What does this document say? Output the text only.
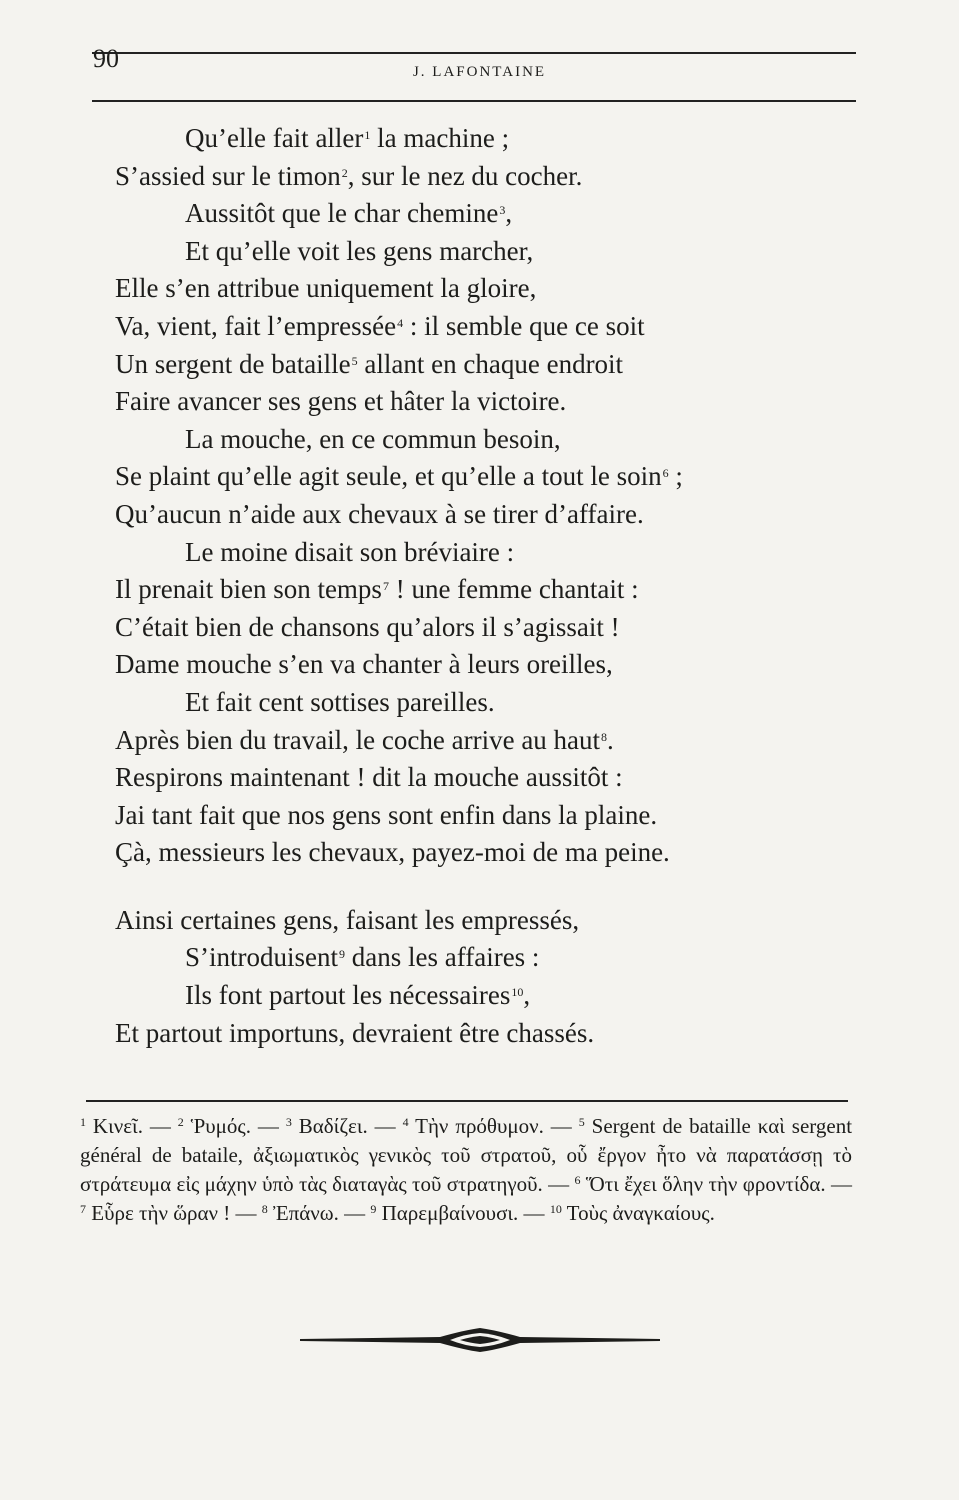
90	J. LAFONTAINE
Qu’elle fait aller$^1$ la machine ;
S’assied sur le timon$^2$, sur le nez du cocher.
Aussitôt que le char chemine$^3$,
Et qu’elle voit les gens marcher,
Elle s’en attribue uniquement la gloire,
Va, vient, fait l’empressée$^4$ : il semble que ce soit
Un sergent de bataille$^5$ allant en chaque endroit
Faire avancer ses gens et hâter la victoire.
La mouche, en ce commun besoin,
Se plaint qu’elle agit seule, et qu’elle a tout le soin$^6$ ;
Qu’aucun n’aide aux chevaux à se tirer d’affaire.
Le moine disait son bréviaire :
Il prenait bien son temps$^7$ ! une femme chantait :
C’était bien de chansons qu’alors il s’agissait !
Dame mouche s’en va chanter à leurs oreilles,
Et fait cent sottises pareilles.
Après bien du travail, le coche arrive au haut$^8$.
Respirons maintenant ! dit la mouche aussitôt :
Jai tant fait que nos gens sont enfin dans la plaine.
Çà, messieurs les chevaux, payez-moi de ma peine.
Ainsi certaines gens, faisant les empressés,
S’introduisent$^9$ dans les affaires :
Ils font partout les nécessaires$^{10}$,
Et partout importuns, devraient être chassés.
$^1$ Κινεῖ. — $^2$ Ῥυμός. — $^3$ Βαδίζει. — $^4$ Τὴν πρόθυμον. — $^5$ Sergent de bataille καὶ sergent général de bataile, ἀξιωματικὸς γενικὸς τοῦ στρατοῦ, οὗ ἔργον ἦτο νὰ παρατάσσῃ τὸ στράτευμα εἰς μάχην ὑπὸ τὰς διαταγὰς τοῦ στρατηγοῦ. — $^6$ Ὅτι ἔχει ὅλην τὴν φροντίδα. — $^7$ Εὗρε τὴν ὥραν ! — $^8$ Ἐπάνω. — $^9$ Παρεμβαίνουσι. — $^{10}$ Τοὺς ἀναγκαίους.
